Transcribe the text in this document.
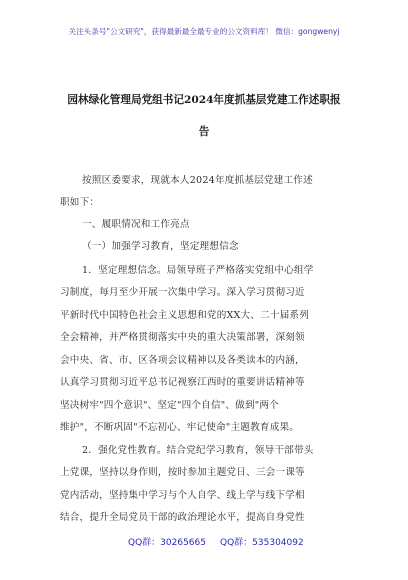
关注头条号"公文研究"，获得最新最全最专业的公文资料库！ 微信：gongwenyj
园林绿化管理局党组书记2024年度抓基层党建工作述职报
告
按照区委要求，现就本人2024年度抓基层党建工作述
职如下：
一、履职情况和工作亮点
（一）加强学习教育，坚定理想信念
1．坚定理想信念。局领导班子严格落实党组中心组学
习制度，每月至少开展一次集中学习。深入学习贯彻习近
平新时代中国特色社会主义思想和党的XX大、二十届系列
全会精神，并严格贯彻落实中央的重大决策部署，深刻领
会中央、省、市、区各项会议精神以及各类读本的内涵，
认真学习贯彻习近平总书记视察江西时的重要讲话精神等
坚决树牢"四个意识"、坚定"四个自信"、做到"两个
维护"，不断巩固"不忘初心、牢记使命"主题教育成果。
2．强化党性教育。结合党纪学习教育，领导干部带头
上党课，坚持以身作则，按时参加主题党日、三会一课等
党内活动，坚持集中学习与个人自学、线上学与线下学相
结合，提升全局党员干部的政治理论水平，提高自身党性
QQ群：30265665 QQ群：535304092
